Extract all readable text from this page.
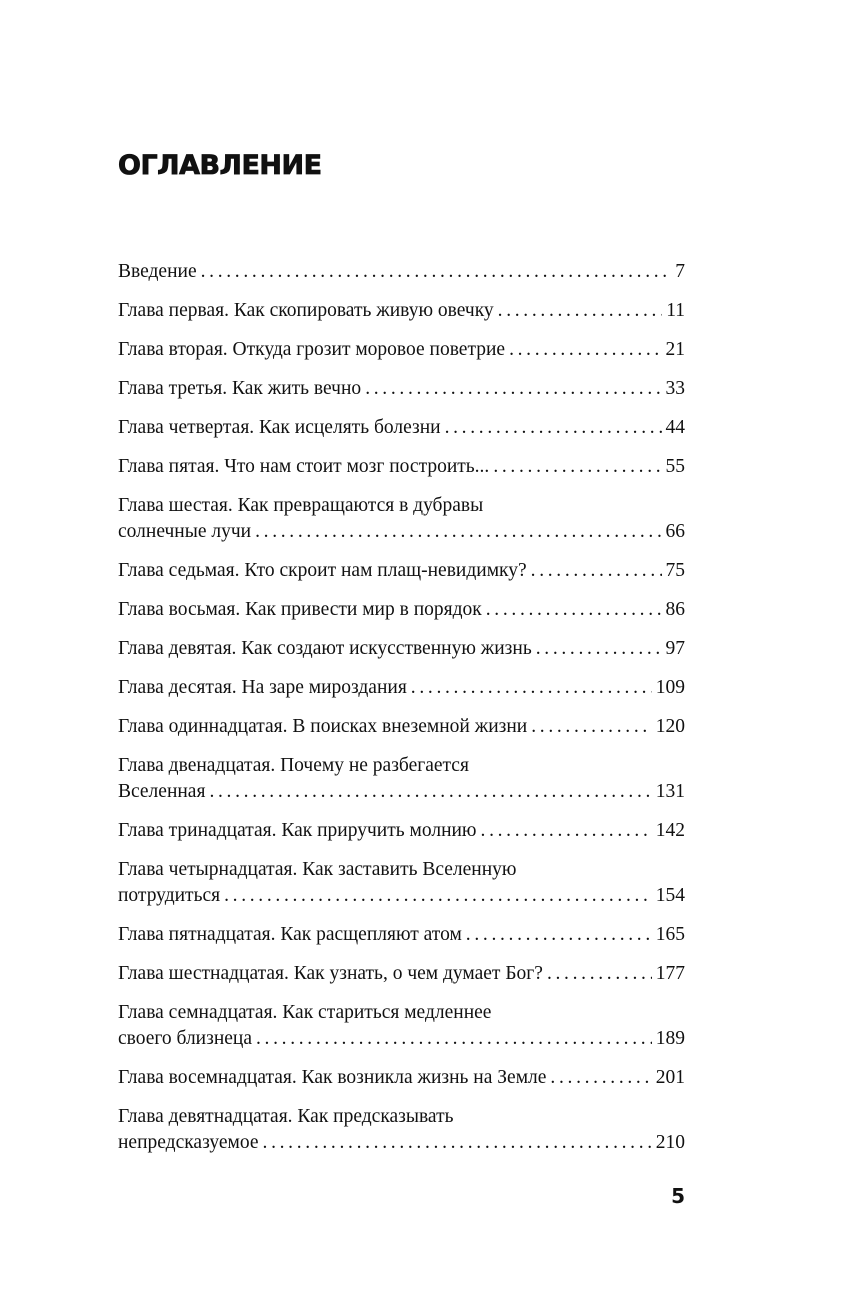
ОГЛАВЛЕНИЕ
Введение . . .	7
Глава первая. Как скопировать живую овечку . . .	11
Глава вторая. Откуда грозит моровое поветрие . . .	21
Глава третья. Как жить вечно . . .	33
Глава четвертая. Как исцелять болезни . . .	44
Глава пятая. Что нам стоит мозг построить... . . .	55
Глава шестая. Как превращаются в дубравы
солнечные лучи . . .	66
Глава седьмая. Кто скроит нам плащ-невидимку? . . .	75
Глава восьмая. Как привести мир в порядок . . .	86
Глава девятая. Как создают искусственную жизнь . . .	97
Глава десятая. На заре мироздания . . .	109
Глава одиннадцатая. В поисках внеземной жизни . . .	120
Глава двенадцатая. Почему не разбегается
Вселенная . . .	131
Глава тринадцатая. Как приручить молнию . . .	142
Глава четырнадцатая. Как заставить Вселенную
потрудиться . . .	154
Глава пятнадцатая. Как расщепляют атом . . .	165
Глава шестнадцатая. Как узнать, о чем думает Бог? . . .	177
Глава семнадцатая. Как стариться медленнее
своего близнеца . . .	189
Глава восемнадцатая. Как возникла жизнь на Земле . . .	201
Глава девятнадцатая. Как предсказывать
непредсказуемое . . .	210
5
